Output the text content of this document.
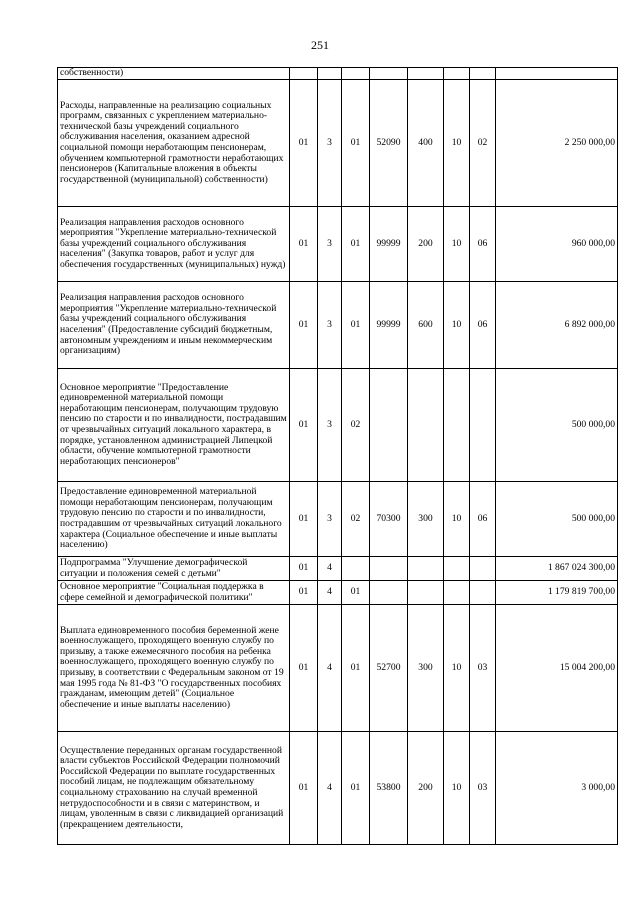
251
собственности)								
Расходы, направленные на реализацию социальных программ, связанных с укреплением материально-технической базы учреждений социального обслуживания населения, оказанием адресной социальной помощи неработающим пенсионерам, обучением компьютерной грамотности неработающих пенсионеров (Капитальные вложения в объекты государственной (муниципальной) собственности)	01	3	01	52090	400	10	02	2 250 000,00
Реализация направления расходов основного мероприятия "Укрепление материально-технической базы учреждений социального обслуживания населения" (Закупка товаров, работ и услуг для обеспечения государственных (муниципальных) нужд)	01	3	01	99999	200	10	06	960 000,00
Реализация направления расходов основного мероприятия "Укрепление материально-технической базы учреждений социального обслуживания населения" (Предоставление субсидий бюджетным, автономным учреждениям и иным некоммерческим организациям)	01	3	01	99999	600	10	06	6 892 000,00
Основное мероприятие "Предоставление единовременной материальной помощи неработающим пенсионерам, получающим трудовую пенсию по старости и по инвалидности, пострадавшим от чрезвычайных ситуаций локального характера, в порядке, установленном администрацией Липецкой области, обучение компьютерной грамотности неработающих пенсионеров"	01	3	02					500 000,00
Предоставление единовременной материальной помощи неработающим пенсионерам, получающим трудовую пенсию по старости и по инвалидности, пострадавшим от чрезвычайных ситуаций локального характера (Социальное обеспечение и иные выплаты населению)	01	3	02	70300	300	10	06	500 000,00
Подпрограмма "Улучшение демографической ситуации и положения семей с детьми"	01	4						1 867 024 300,00
Основное мероприятие "Социальная поддержка в сфере семейной и демографической политики"	01	4	01					1 179 819 700,00
Выплата единовременного пособия беременной жене военнослужащего, проходящего военную службу по призыву, а также ежемесячного пособия на ребенка военнослужащего, проходящего военную службу по призыву, в соответствии с Федеральным законом от 19 мая 1995 года № 81-ФЗ "О государственных пособиях гражданам, имеющим детей" (Социальное обеспечение и иные выплаты населению)	01	4	01	52700	300	10	03	15 004 200,00
Осуществление переданных органам государственной власти субъектов Российской Федерации полномочий Российской Федерации по выплате государственных пособий лицам, не подлежащим обязательному социальному страхованию на случай временной нетрудоспособности и в связи с материнством, и лицам, уволенным в связи с ликвидацией организаций (прекращением деятельности,	01	4	01	53800	200	10	03	3 000,00
